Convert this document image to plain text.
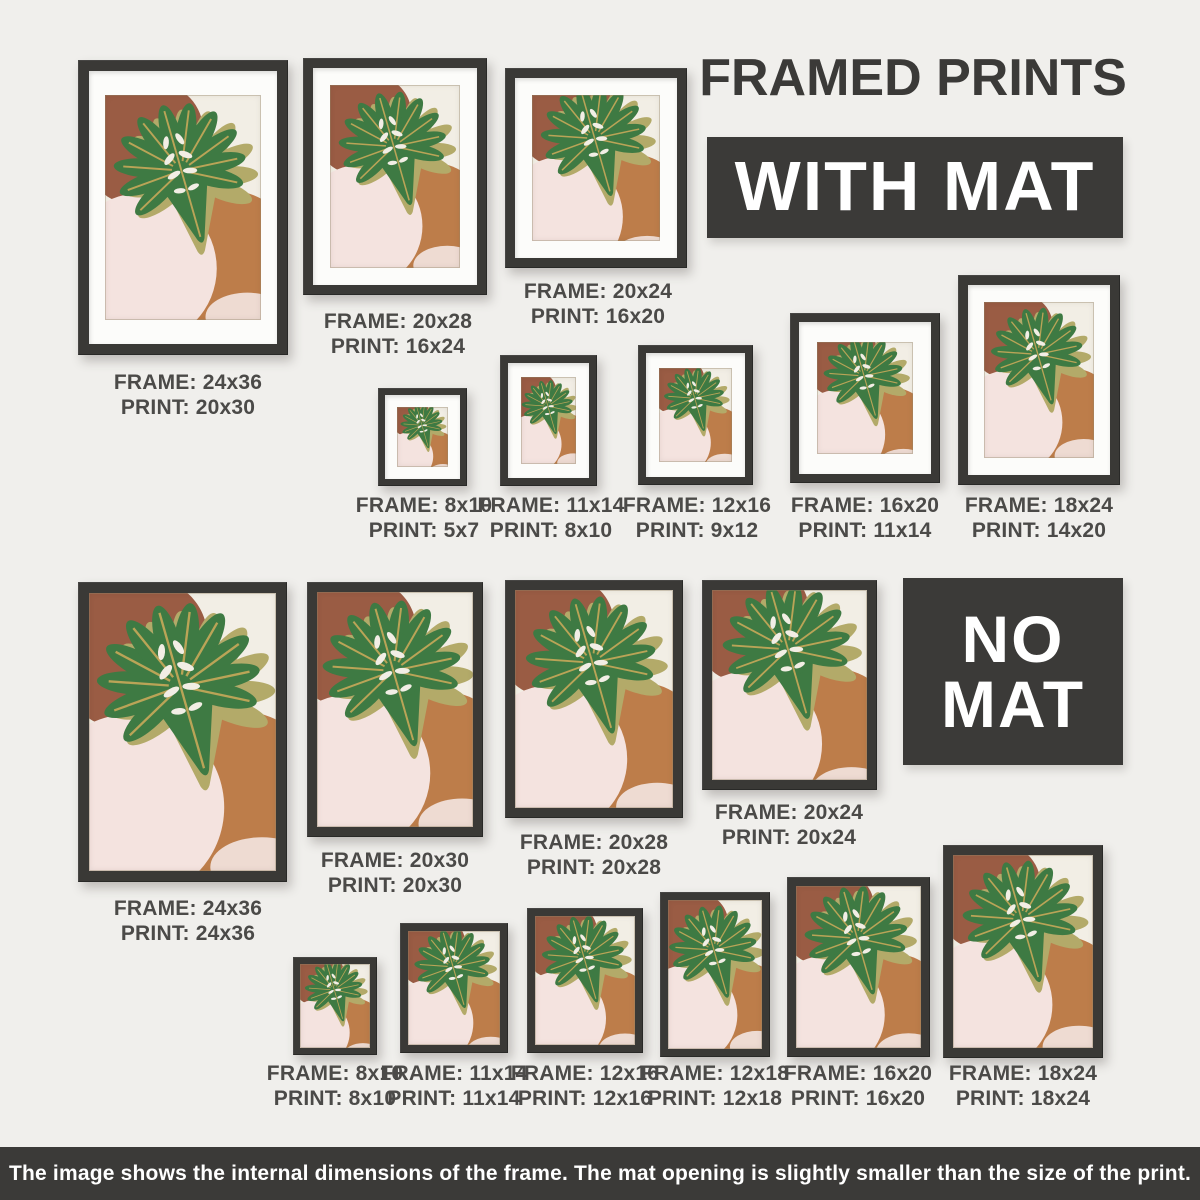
FRAMED PRINTS
WITH MAT
FRAME: 24x36
PRINT: 20x30
FRAME: 20x28
PRINT: 16x24
FRAME: 20x24
PRINT: 16x20
FRAME: 8x10
PRINT: 5x7
FRAME: 11x14
PRINT: 8x10
FRAME: 12x16
PRINT: 9x12
FRAME: 16x20
PRINT: 11x14
FRAME: 18x24
PRINT: 14x20
NO
MAT
FRAME: 24x36
PRINT: 24x36
FRAME: 20x30
PRINT: 20x30
FRAME: 20x28
PRINT: 20x28
FRAME: 20x24
PRINT: 20x24
FRAME: 8x10
PRINT: 8x10
FRAME: 11x14
PRINT: 11x14
FRAME: 12x16
PRINT: 12x16
FRAME: 12x18
PRINT: 12x18
FRAME: 16x20
PRINT: 16x20
FRAME: 18x24
PRINT: 18x24
The image shows the internal dimensions of the frame. The mat opening is slightly smaller than the size of the print.
